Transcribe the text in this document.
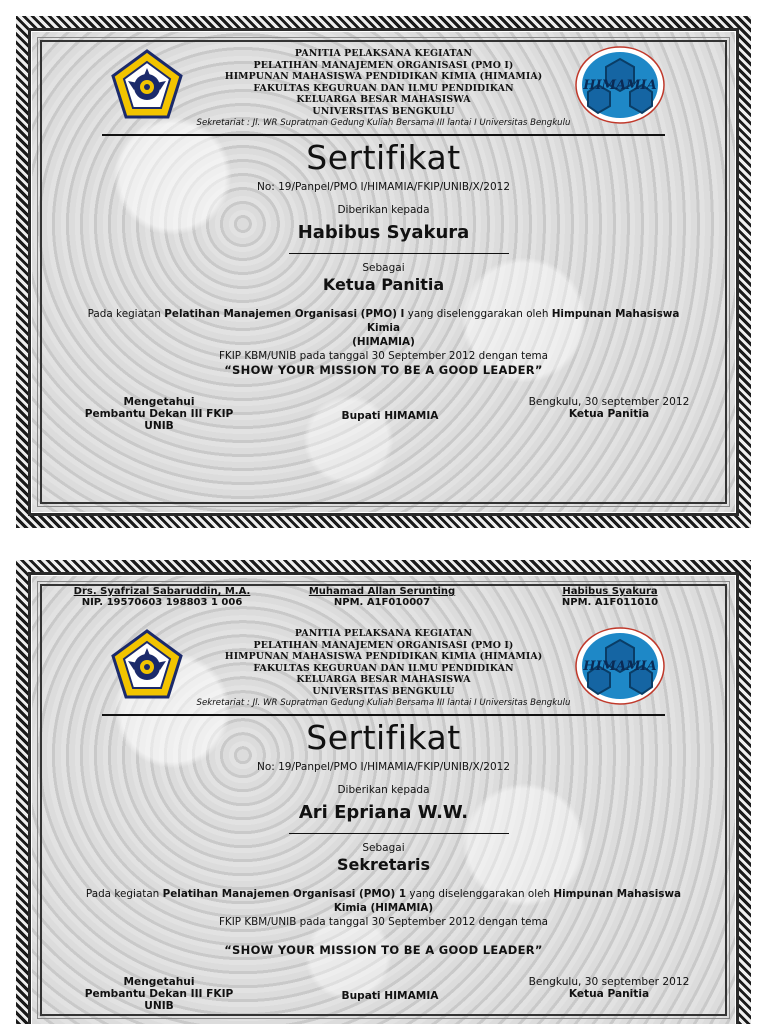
HIMAMIA
PANITIA PELAKSANA KEGIATAN
PELATIHAN MANAJEMEN ORGANISASI (PMO I)
HIMPUNAN MAHASISWA PENDIDIKAN KIMIA (HIMAMIA)
FAKULTAS KEGURUAN DAN ILMU PENDIDIKAN
KELUARGA BESAR MAHASISWA
UNIVERSITAS BENGKULU
Sekretariat : Jl. WR Supratman Gedung Kuliah Bersama III lantai I Universitas Bengkulu
Sertifikat
No: 19/Panpel/PMO I/HIMAMIA/FKIP/UNIB/X/2012
Diberikan kepada
Habibus Syakura
Sebagai
Ketua Panitia
Pada kegiatan Pelatihan Manajemen Organisasi (PMO) I yang diselenggarakan oleh Himpunan Mahasiswa Kimia
(HIMAMIA)
FKIP KBM/UNIB pada tanggal 30 September 2012 dengan tema
“SHOW YOUR MISSION TO BE A GOOD LEADER”
Mengetahui
Pembantu Dekan III FKIP UNIB
Bupati HIMAMIA
Bengkulu, 30 september 2012
Ketua Panitia
Drs. Syafrizal Sabaruddin, M.A.
NIP. 19570603 198803 1 006
Muhamad Allan Serunting
NPM. A1F010007
Habibus Syakura
NPM. A1F011010
HIMAMIA
PANITIA PELAKSANA KEGIATAN
PELATIHAN MANAJEMEN ORGANISASI (PMO I)
HIMPUNAN MAHASISWA PENDIDIKAN KIMIA (HIMAMIA)
FAKULTAS KEGURUAN DAN ILMU PENDIDIKAN
KELUARGA BESAR MAHASISWA
UNIVERSITAS BENGKULU
Sekretariat : Jl. WR Supratman Gedung Kuliah Bersama III lantai I Universitas Bengkulu
Sertifikat
No: 19/Panpel/PMO I/HIMAMIA/FKIP/UNIB/X/2012
Diberikan kepada
Ari Epriana W.W.
Sebagai
Sekretaris
Pada kegiatan Pelatihan Manajemen Organisasi (PMO) 1 yang diselenggarakan oleh Himpunan Mahasiswa
Kimia (HIMAMIA)
FKIP KBM/UNIB pada tanggal 30 September 2012 dengan tema
“SHOW YOUR MISSION TO BE A GOOD LEADER”
Mengetahui
Pembantu Dekan III FKIP UNIB
Bupati HIMAMIA
Bengkulu, 30 september 2012
Ketua Panitia
